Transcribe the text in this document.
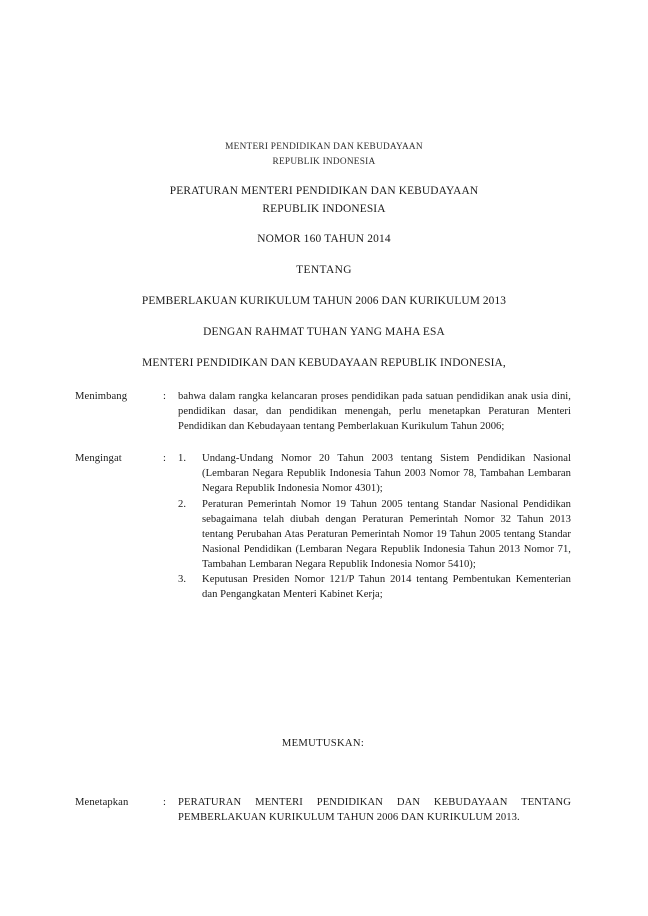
MENTERI PENDIDIKAN DAN KEBUDAYAAN
REPUBLIK INDONESIA
PERATURAN MENTERI PENDIDIKAN DAN KEBUDAYAAN
REPUBLIK INDONESIA
NOMOR 160 TAHUN 2014
TENTANG
PEMBERLAKUAN KURIKULUM TAHUN 2006 DAN KURIKULUM 2013
DENGAN RAHMAT TUHAN YANG MAHA ESA
MENTERI PENDIDIKAN DAN KEBUDAYAAN REPUBLIK INDONESIA,
Menimbang	:	bahwa dalam rangka kelancaran proses pendidikan pada satuan pendidikan anak usia dini, pendidikan dasar, dan pendidikan menengah, perlu menetapkan Peraturan Menteri Pendidikan dan Kebudayaan tentang Pemberlakuan Kurikulum Tahun 2006;

Mengingat	:	1.	Undang-Undang Nomor 20 Tahun 2003 tentang Sistem Pendidikan Nasional (Lembaran Negara Republik Indonesia Tahun 2003 Nomor 78, Tambahan Lembaran Negara Republik Indonesia Nomor 4301);
2.	Peraturan Pemerintah Nomor 19 Tahun 2005 tentang Standar Nasional Pendidikan sebagaimana telah diubah dengan Peraturan Pemerintah Nomor 32 Tahun 2013 tentang Perubahan Atas Peraturan Pemerintah Nomor 19 Tahun 2005 tentang Standar Nasional Pendidikan (Lembaran Negara Republik Indonesia Tahun 2013 Nomor 71, Tambahan Lembaran Negara Republik Indonesia Nomor 5410);
3.	Keputusan Presiden Nomor 121/P Tahun 2014 tentang Pembentukan Kementerian dan Pengangkatan Menteri Kabinet Kerja;
MEMUTUSKAN:
Menetapkan	:	PERATURAN MENTERI PENDIDIKAN DAN KEBUDAYAAN TENTANG PEMBERLAKUAN KURIKULUM TAHUN 2006 DAN KURIKULUM 2013.
